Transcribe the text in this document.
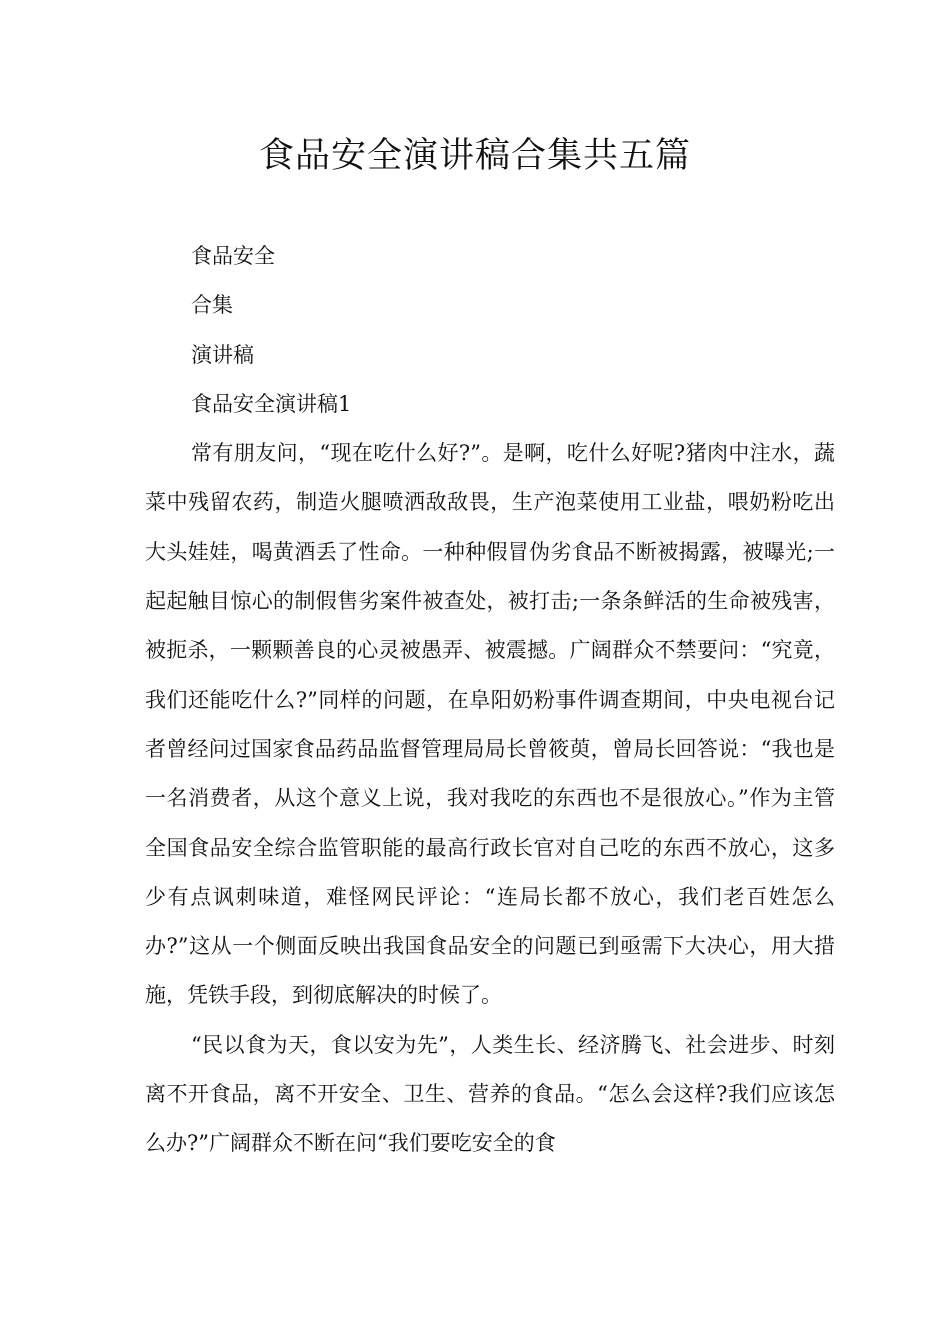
食品安全演讲稿合集共五篇

食品安全

合集

演讲稿

食品安全演讲稿1

常有朋友问，“现在吃什么好?”。是啊，吃什么好呢?猪肉中注水，蔬菜中残留农药，制造火腿喷洒敌敌畏，生产泡菜使用工业盐，喂奶粉吃出大头娃娃，喝黄酒丢了性命。一种种假冒伪劣食品不断被揭露，被曝光;一起起触目惊心的制假售劣案件被查处，被打击;一条条鲜活的生命被残害，被扼杀，一颗颗善良的心灵被愚弄、被震撼。广阔群众不禁要问：“究竟，我们还能吃什么?”同样的问题，在阜阳奶粉事件调查期间，中央电视台记者曾经问过国家食品药品监督管理局局长曾筱萸，曾局长回答说：“我也是一名消费者，从这个意义上说，我对我吃的东西也不是很放心。”作为主管全国食品安全综合监管职能的最高行政长官对自己吃的东西不放心，这多少有点讽刺味道，难怪网民评论：“连局长都不放心，我们老百姓怎么办?”这从一个侧面反映出我国食品安全的问题已到亟需下大决心，用大措施，凭铁手段，到彻底解决的时候了。

“民以食为天，食以安为先”，人类生长、经济腾飞、社会进步、时刻离不开食品，离不开安全、卫生、营养的食品。“怎么会这样?我们应该怎么办?”广阔群众不断在问“我们要吃安全的食
